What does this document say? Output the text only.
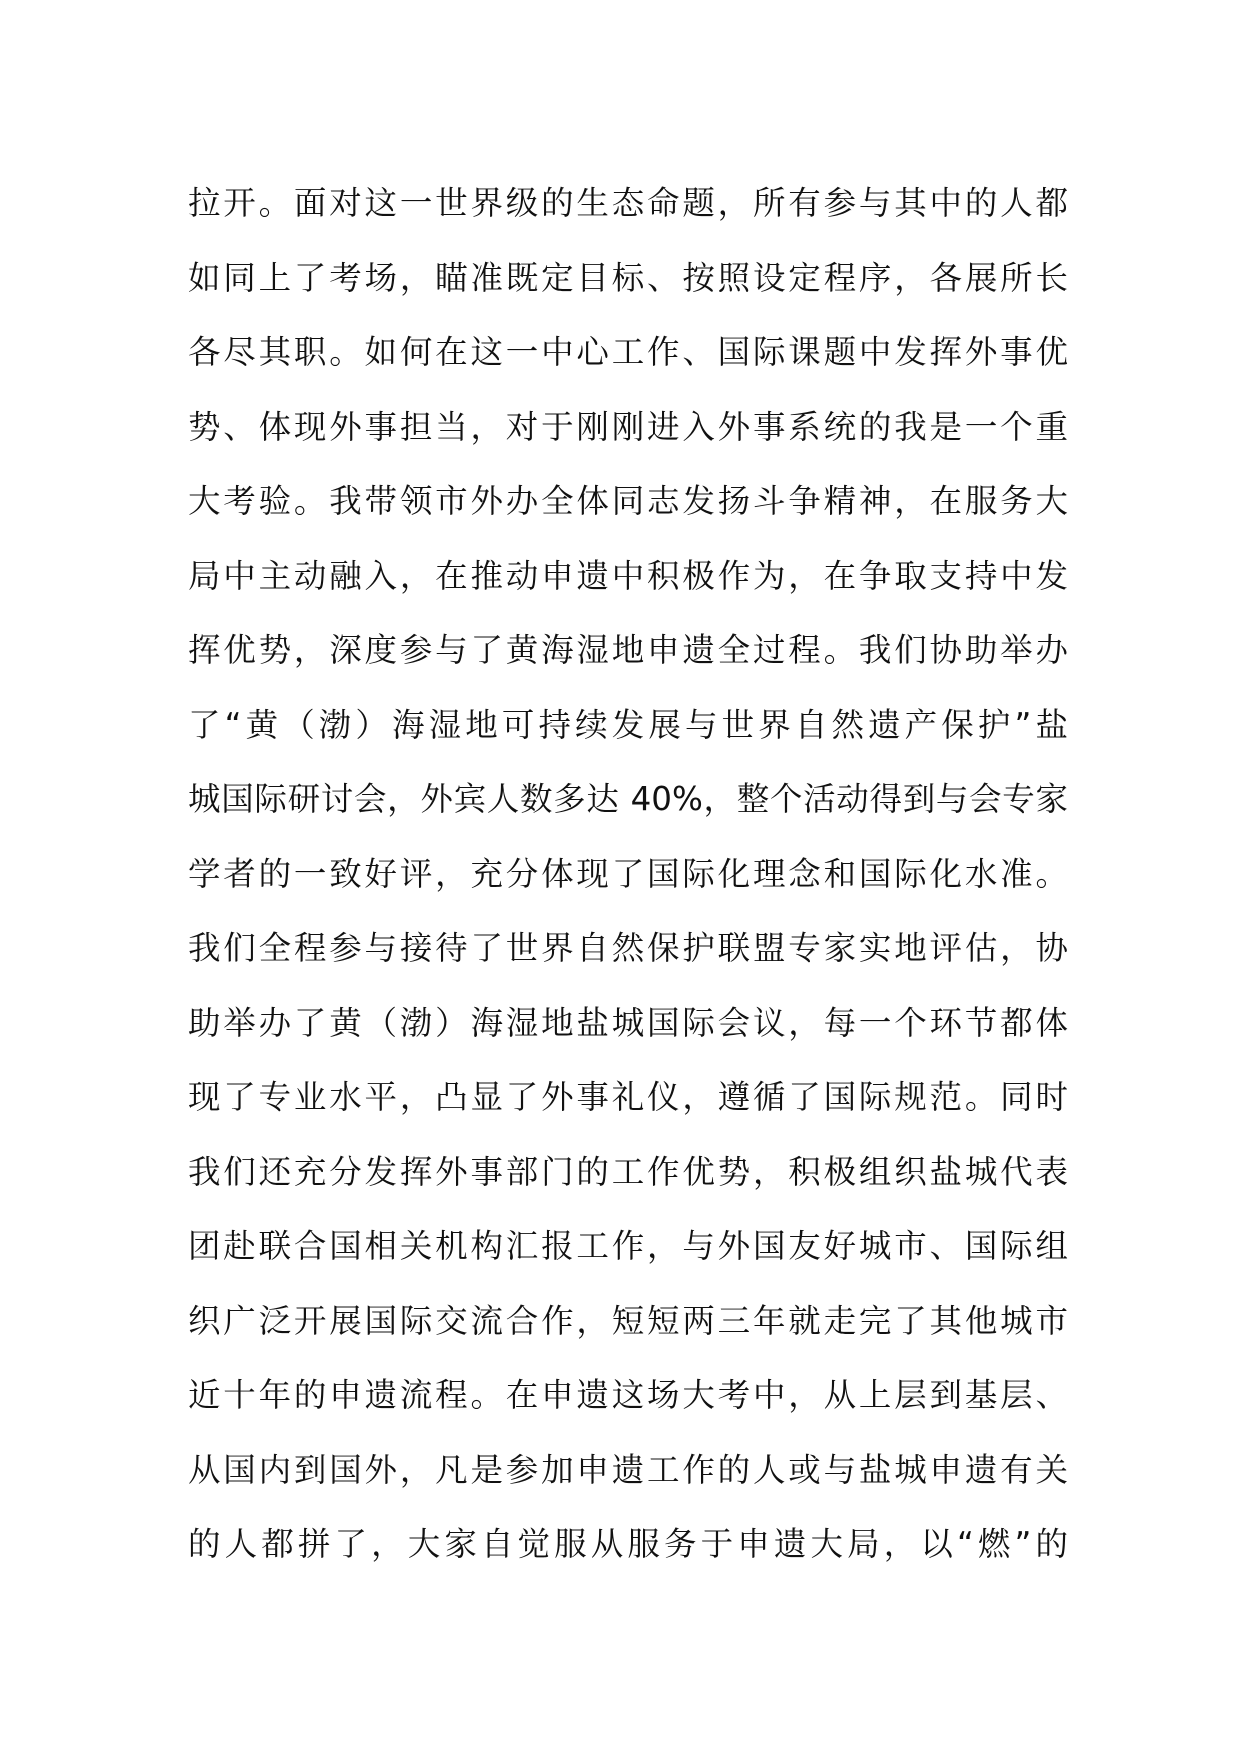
拉开。面对这一世界级的生态命题，所有参与其中的人都
如同上了考场，瞄准既定目标、按照设定程序，各展所长
各尽其职。如何在这一中心工作、国际课题中发挥外事优
势、体现外事担当，对于刚刚进入外事系统的我是一个重
大考验。我带领市外办全体同志发扬斗争精神，在服务大
局中主动融入，在推动申遗中积极作为，在争取支持中发
挥优势，深度参与了黄海湿地申遗全过程。我们协助举办
了“黄（渤）海湿地可持续发展与世界自然遗产保护”盐
城国际研讨会，外宾人数多达 40%，整个活动得到与会专家
学者的一致好评，充分体现了国际化理念和国际化水准。
我们全程参与接待了世界自然保护联盟专家实地评估，协
助举办了黄（渤）海湿地盐城国际会议，每一个环节都体
现了专业水平，凸显了外事礼仪，遵循了国际规范。同时
我们还充分发挥外事部门的工作优势，积极组织盐城代表
团赴联合国相关机构汇报工作，与外国友好城市、国际组
织广泛开展国际交流合作，短短两三年就走完了其他城市
近十年的申遗流程。在申遗这场大考中，从上层到基层、
从国内到国外，凡是参加申遗工作的人或与盐城申遗有关
的人都拼了，大家自觉服从服务于申遗大局，以“燃”的
